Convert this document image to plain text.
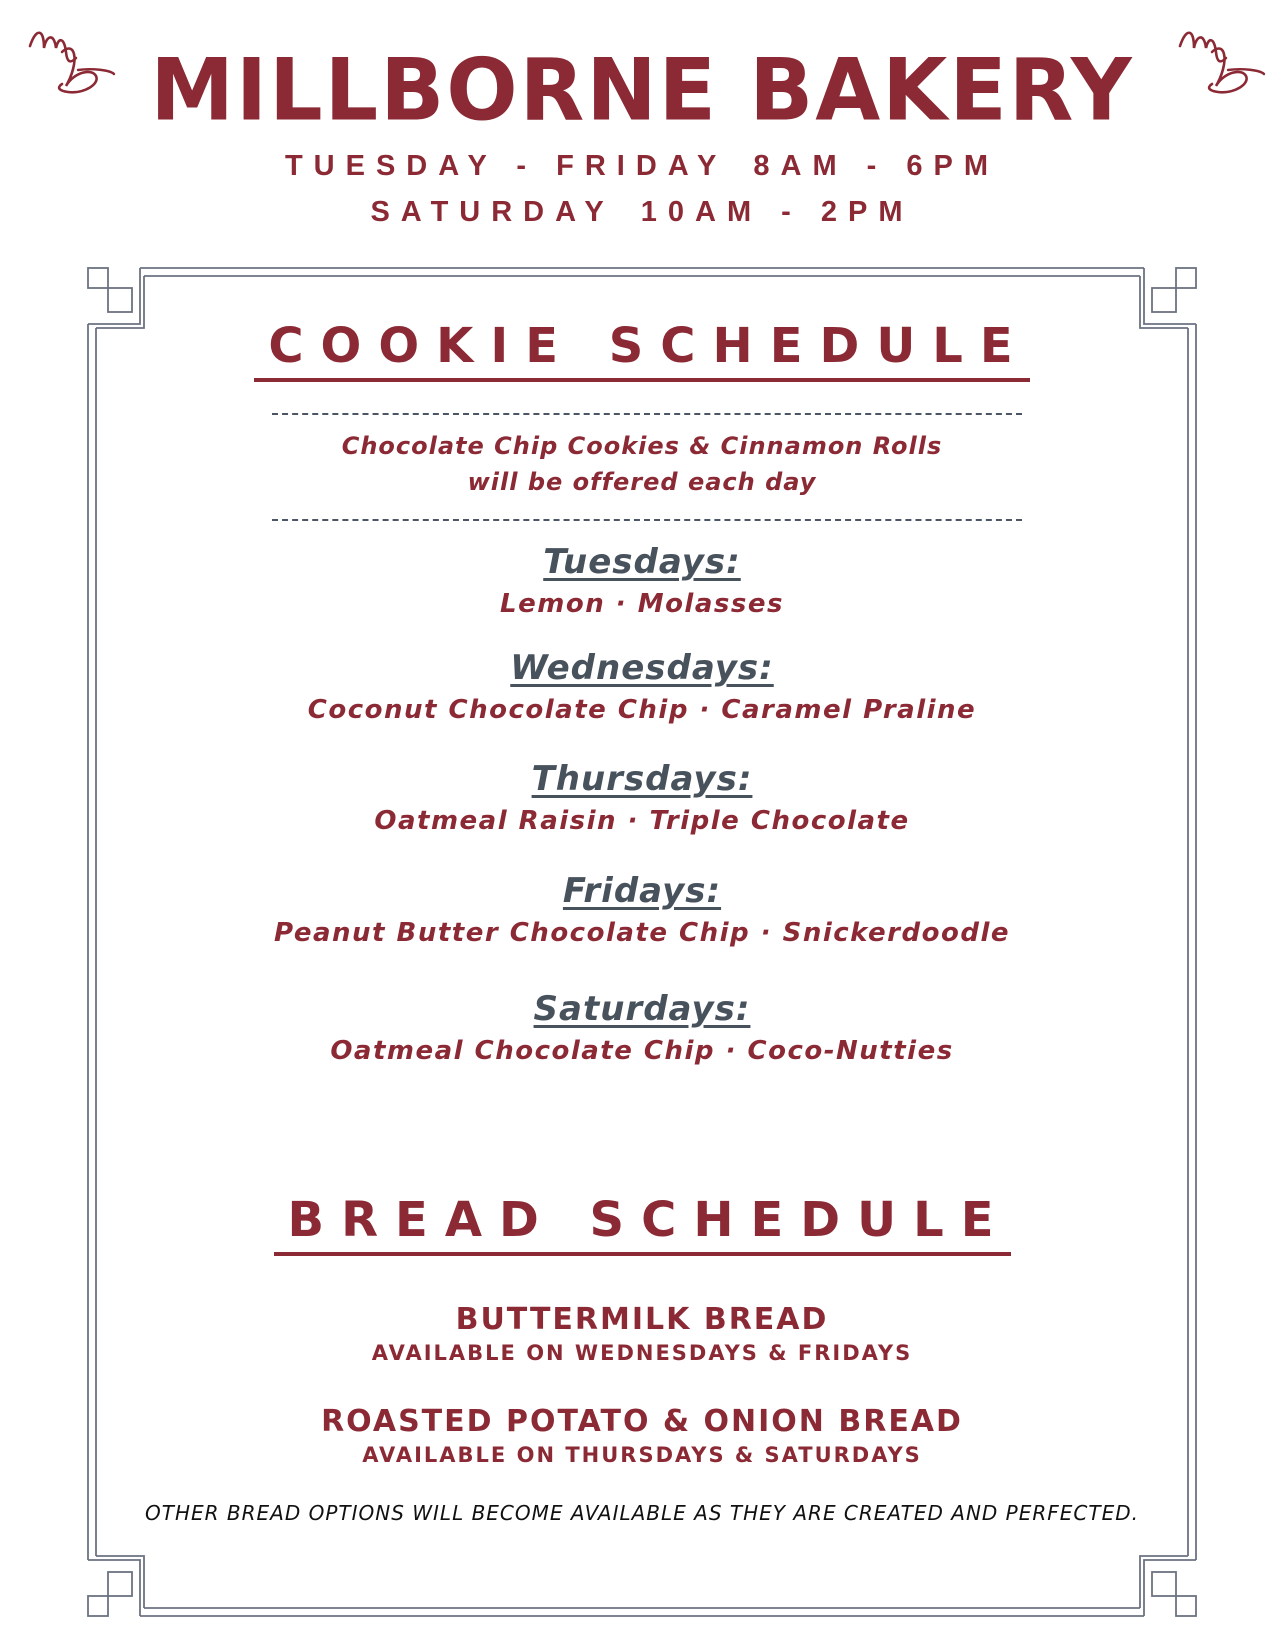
MILLBORNE BAKERY
TUESDAY - FRIDAY 8AM - 6PM
SATURDAY 10AM - 2PM
COOKIE SCHEDULE
Chocolate Chip Cookies & Cinnamon Rolls
will be offered each day
Tuesdays:
Lemon · Molasses
Wednesdays:
Coconut Chocolate Chip · Caramel Praline
Thursdays:
Oatmeal Raisin · Triple Chocolate
Fridays:
Peanut Butter Chocolate Chip · Snickerdoodle
Saturdays:
Oatmeal Chocolate Chip · Coco-Nutties
BREAD SCHEDULE
BUTTERMILK BREAD
AVAILABLE ON WEDNESDAYS & FRIDAYS
ROASTED POTATO & ONION BREAD
AVAILABLE ON THURSDAYS & SATURDAYS
OTHER BREAD OPTIONS WILL BECOME AVAILABLE AS THEY ARE CREATED AND PERFECTED.
